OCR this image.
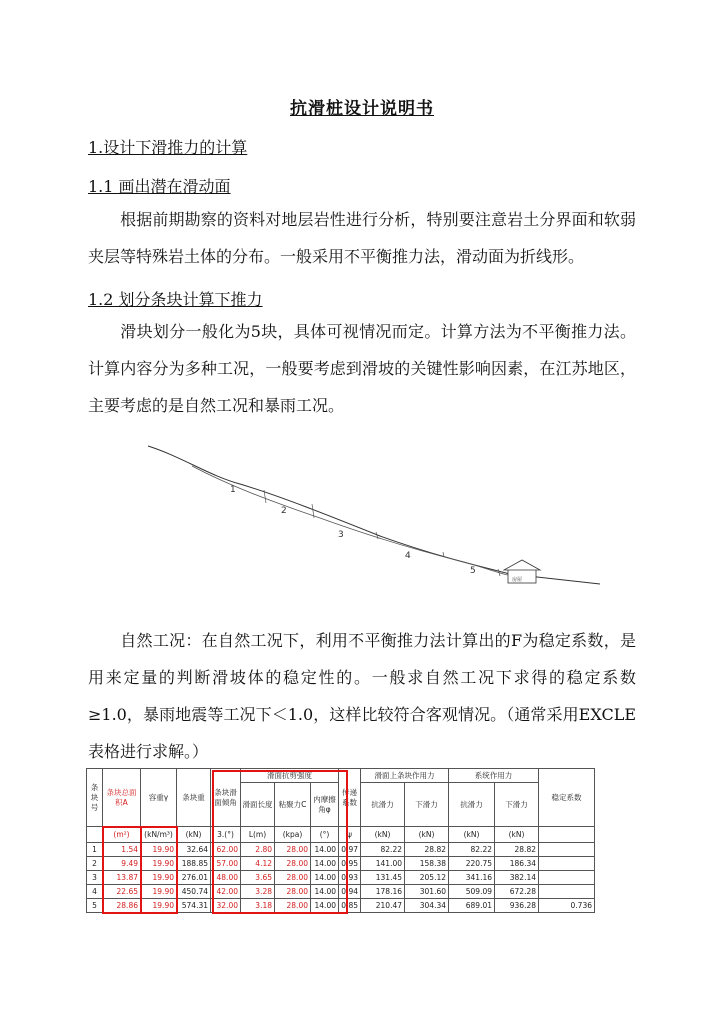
抗滑桩设计说明书
1.设计下滑推力的计算
1.1 画出潜在滑动面

根据前期勘察的资料对地层岩性进行分析，特别要注意岩土分界面和软弱夹层等特殊岩土体的分布。一般采用不平衡推力法，滑动面为折线形。

1.2 划分条块计算下推力

滑块划分一般化为5块，具体可视情况而定。计算方法为不平衡推力法。计算内容分为多种工况，一般要考虑到滑坡的关键性影响因素，在江苏地区，主要考虑的是自然工况和暴雨工况。

1
2
3
4
5
房屋

自然工况：在自然工况下，利用不平衡推力法计算出的F为稳定系数，是用来定量的判断滑坡体的稳定性的。一般求自然工况下求得的稳定系数≥1.0，暴雨地震等工况下＜1.0，这样比较符合客观情况。（通常采用EXCLE表格进行求解。）

条块号	条块总面积A	容重γ	条块重	条块滑面倾角	滑面抗剪强度			传递系数	滑面上条块作用力		系统作用力		稳定系数
					滑面长度	粘聚力C	内摩擦角φ		抗滑力	下滑力	抗滑力	下滑力	
	(m²)	(kN/m³)	(kN)	3.(°)	L(m)	(kpa)	(°)	ψ	(kN)	(kN)	(kN)	(kN)	
1	1.54	19.90	32.64	62.00	2.80	28.00	14.00	0.97	82.22	28.82	82.22	28.82	
2	9.49	19.90	188.85	57.00	4.12	28.00	14.00	0.95	141.00	158.38	220.75	186.34	
3	13.87	19.90	276.01	48.00	3.65	28.00	14.00	0.93	131.45	205.12	341.16	382.14	
4	22.65	19.90	450.74	42.00	3.28	28.00	14.00	0.94	178.16	301.60	509.09	672.28	
5	28.86	19.90	574.31	32.00	3.18	28.00	14.00	0.85	210.47	304.34	689.01	936.28	0.736
